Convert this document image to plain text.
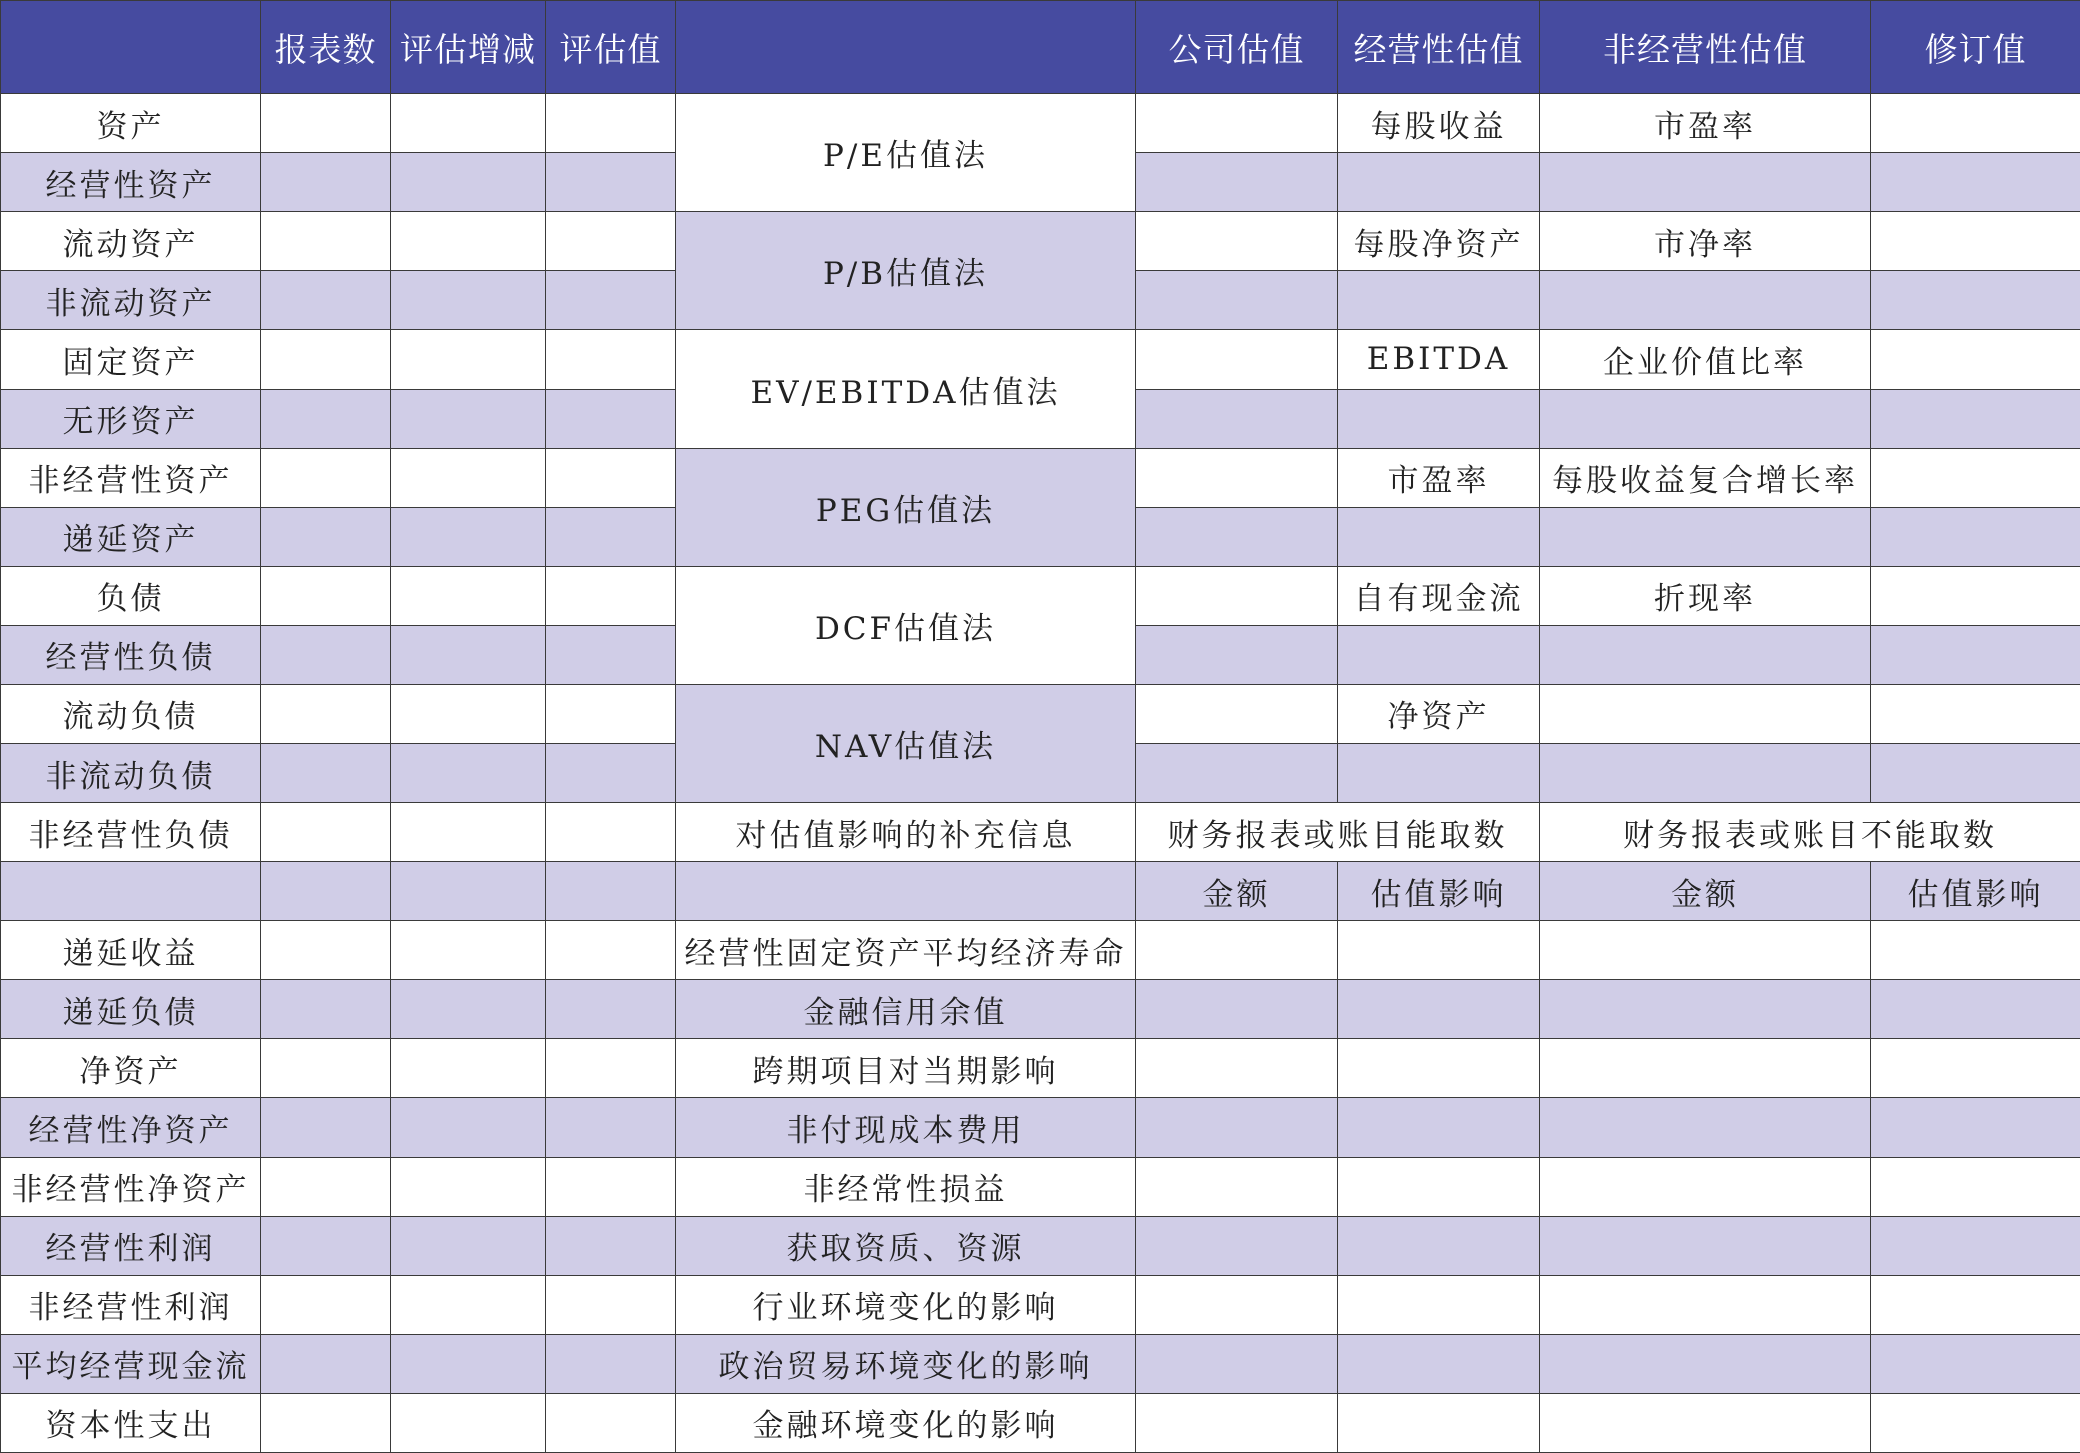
	报表数	评估增减	评估值		公司估值	经营性估值	非经营性估值	修订值
资产				P/E估值法		每股收益	市盈率	
经营性资产								
流动资产				P/B估值法		每股净资产	市净率	
非流动资产								
固定资产				EV/EBITDA估值法		EBITDA	企业价值比率	
无形资产								
非经营性资产				PEG估值法		市盈率	每股收益复合增长率	
递延资产								
负债				DCF估值法		自有现金流	折现率	
经营性负债								
流动负债				NAV估值法		净资产		
非流动负债								
非经营性负债				对估值影响的补充信息	财务报表或账目能取数		财务报表或账目不能取数	
					金额	估值影响	金额	估值影响
递延收益				经营性固定资产平均经济寿命				
递延负债				金融信用余值				
净资产				跨期项目对当期影响				
经营性净资产				非付现成本费用				
非经营性净资产				非经常性损益				
经营性利润				获取资质、资源				
非经营性利润				行业环境变化的影响				
平均经营现金流				政治贸易环境变化的影响				
资本性支出				金融环境变化的影响				
